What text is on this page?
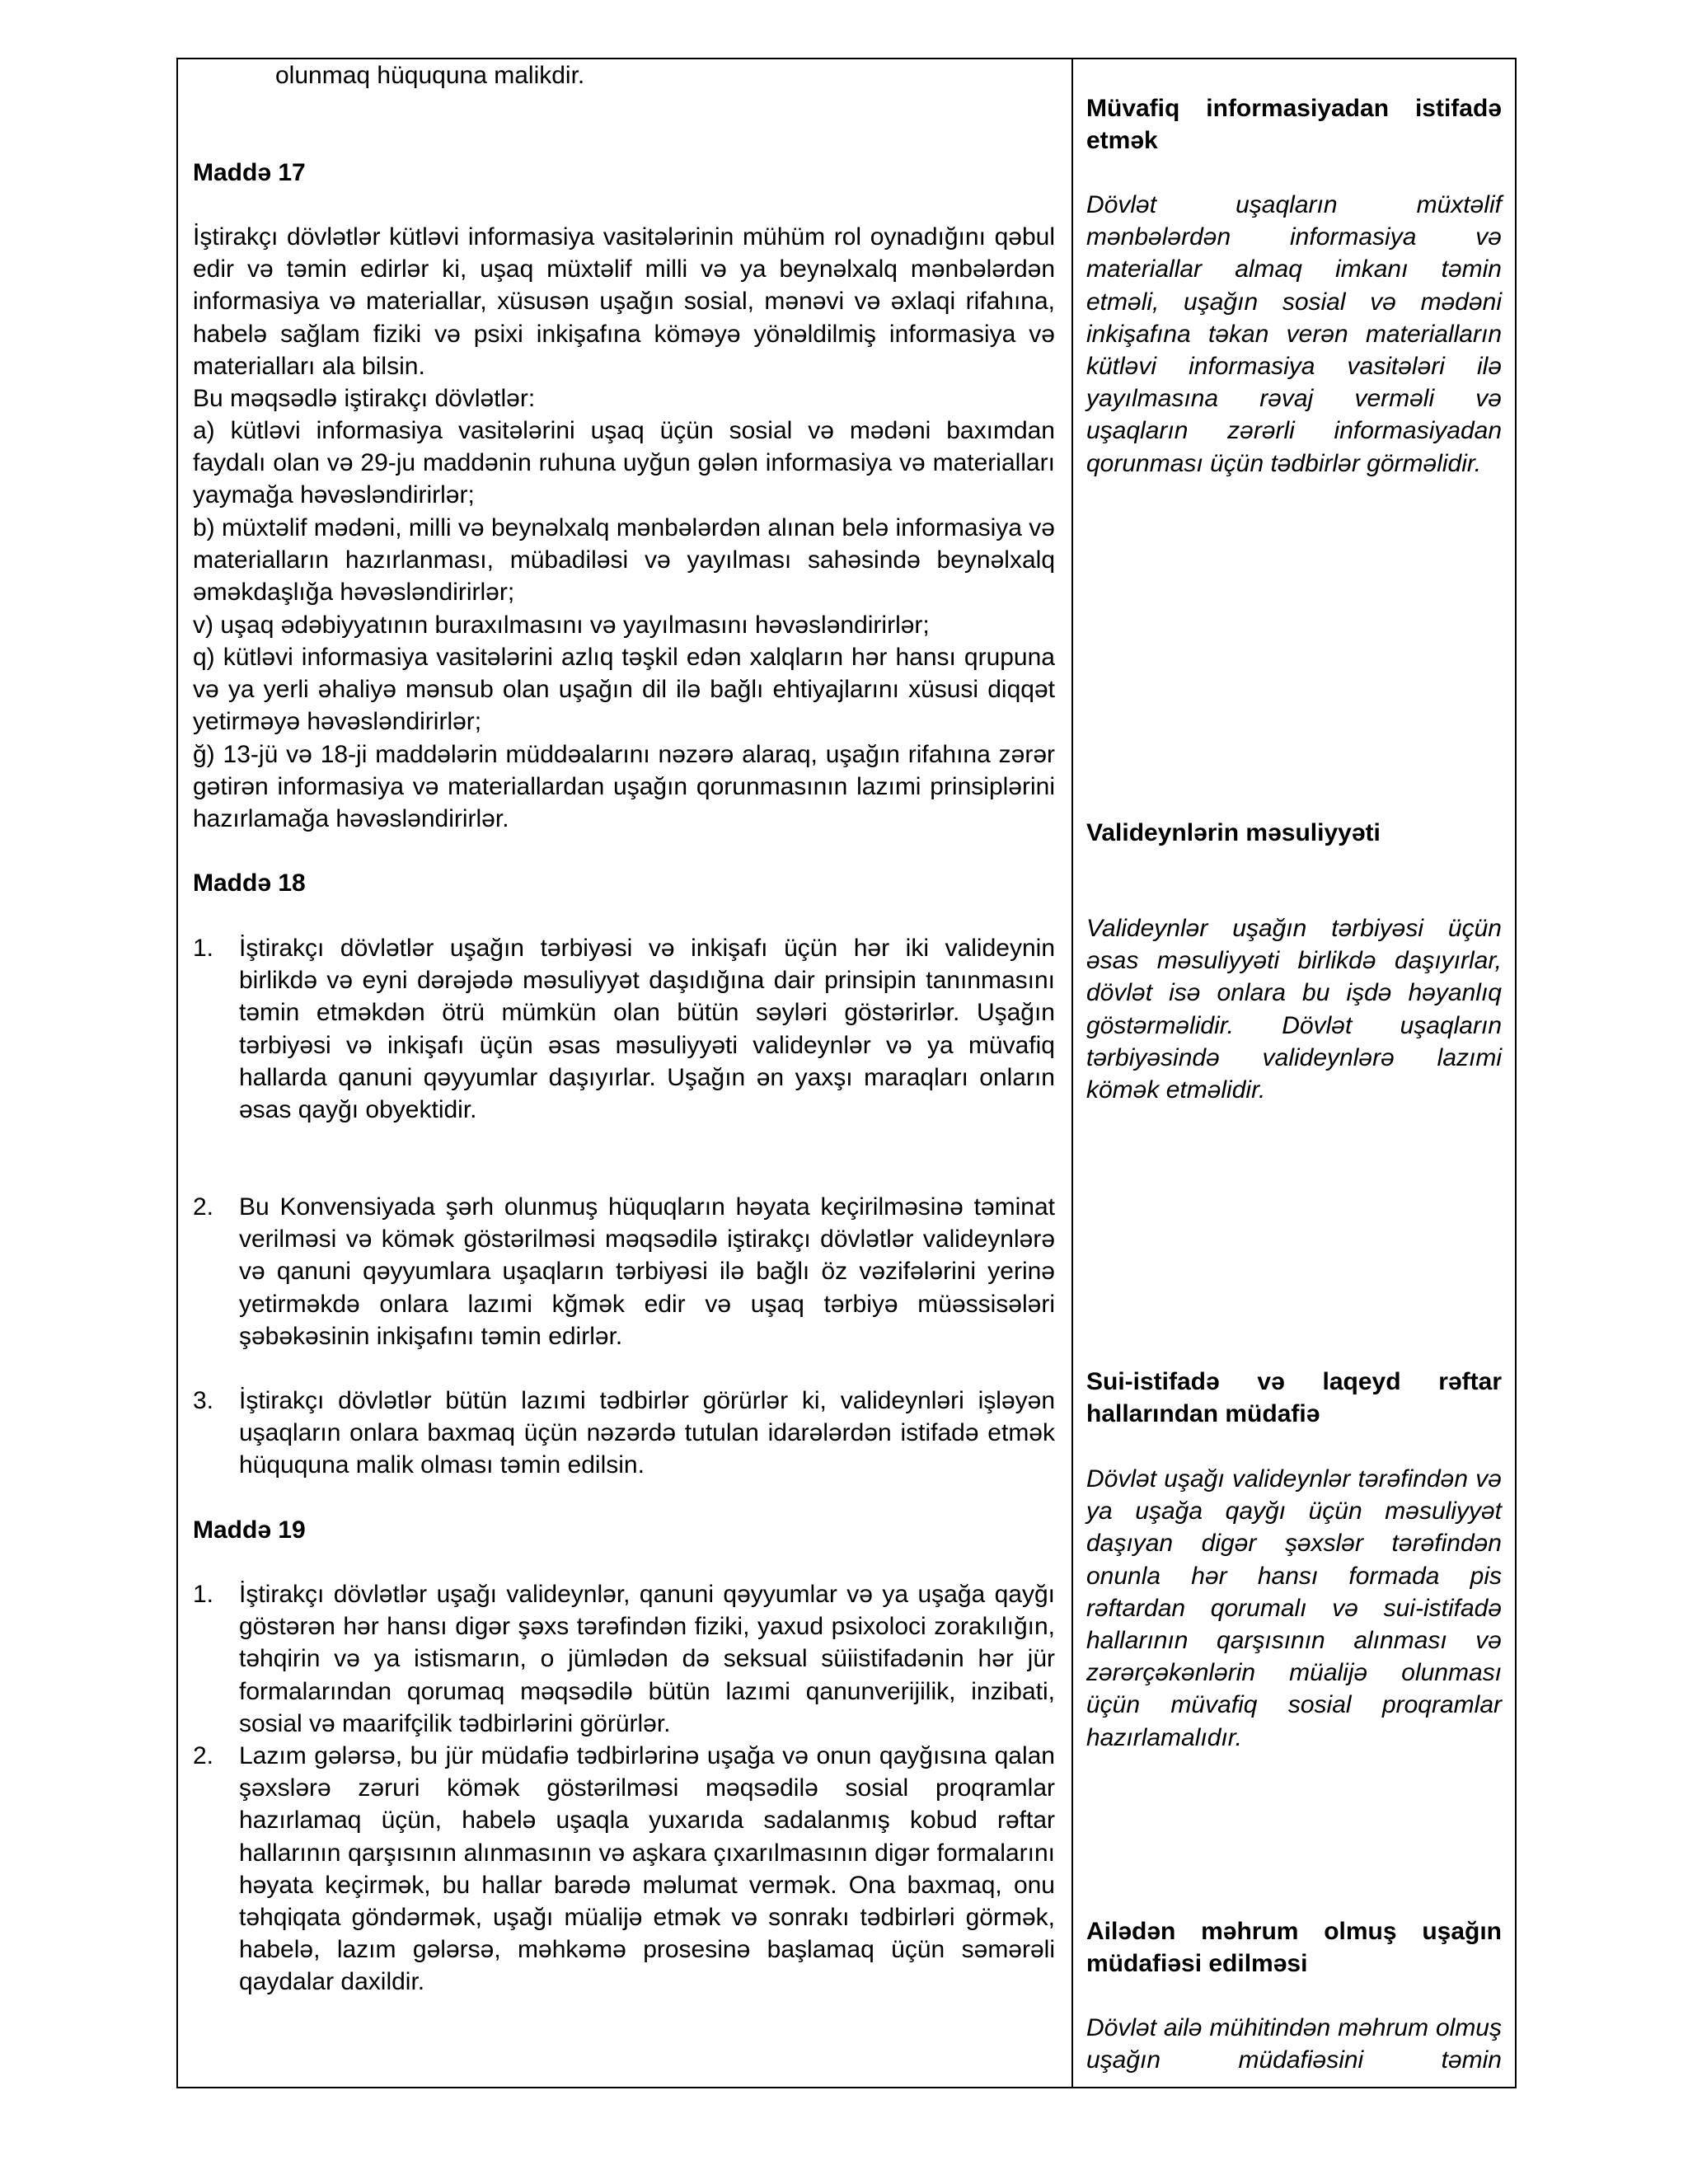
olunmaq hüququna malikdir.

Maddə 17

İştirakçı dövlətlər kütləvi informasiya vasitələrinin mühüm rol oynadığını qəbul edir və təmin edirlər ki, uşaq müxtəlif milli və ya beynəlxalq mənbələrdən informasiya və materiallar, xüsusən uşağın sosial, mənəvi və əxlaqi rifahına, habelə sağlam fiziki və psixi inkişafına köməyə yönəldilmiş informasiya və materialları ala bilsin.

Bu məqsədlə iştirakçı dövlətlər:

a) kütləvi informasiya vasitələrini uşaq üçün sosial və mədəni baxımdan faydalı olan və 29-ju maddənin ruhuna uyğun gələn informasiya və materialları yaymağa həvəsləndirirlər;

b) müxtəlif mədəni, milli və beynəlxalq mənbələrdən alınan belə informasiya və materialların hazırlanması, mübadiləsi və yayılması sahəsində beynəlxalq əməkdaşlığa həvəsləndirirlər;

v) uşaq ədəbiyyatının buraxılmasını və yayılmasını həvəsləndirirlər;

q) kütləvi informasiya vasitələrini azlıq təşkil edən xalqların hər hansı qrupuna və ya yerli əhaliyə mənsub olan uşağın dil ilə bağlı ehtiyajlarını xüsusi diqqət yetirməyə həvəsləndirirlər;

ğ) 13-jü və 18-ji maddələrin müddəalarını nəzərə alaraq, uşağın rifahına zərər gətirən informasiya və materiallardan uşağın qorunmasının lazımi prinsiplərini hazırlamağa həvəsləndirirlər.

Maddə 18

1.	İştirakçı dövlətlər uşağın tərbiyəsi və inkişafı üçün hər iki valideynin birlikdə və eyni dərəjədə məsuliyyət daşıdığına dair prinsipin tanınmasını təmin etməkdən ötrü mümkün olan bütün səyləri göstərirlər. Uşağın tərbiyəsi və inkişafı üçün əsas məsuliyyəti valideynlər və ya müvafiq hallarda qanuni qəyyumlar daşıyırlar. Uşağın ən yaxşı maraqları onların əsas qayğı obyektidir.

2.	Bu Konvensiyada şərh olunmuş hüquqların həyata keçirilməsinə təminat verilməsi və kömək göstərilməsi məqsədilə iştirakçı dövlətlər valideynlərə və qanuni qəyyumlara uşaqların tərbiyəsi ilə bağlı öz vəzifələrini yerinə yetirməkdə onlara lazımi kğmək edir və uşaq tərbiyə müəssisələri şəbəkəsinin inkişafını təmin edirlər.

3.	İştirakçı dövlətlər bütün lazımi tədbirlər görürlər ki, valideynləri işləyən uşaqların onlara baxmaq üçün nəzərdə tutulan idarələrdən istifadə etmək hüququna malik olması təmin edilsin.

Maddə 19

1.	İştirakçı dövlətlər uşağı valideynlər, qanuni qəyyumlar və ya uşağa qayğı göstərən hər hansı digər şəxs tərəfindən fiziki, yaxud psixoloci zorakılığın, təhqirin və ya istismarın, o jümlədən də seksual süiistifadənin hər jür formalarından qorumaq məqsədilə bütün lazımi qanunverijilik, inzibati, sosial və maarifçilik tədbirlərini görürlər.

2.	Lazım gələrsə, bu jür müdafiə tədbirlərinə uşağa və onun qayğısına qalan şəxslərə zəruri kömək göstərilməsi məqsədilə sosial proqramlar hazırlamaq üçün, habelə uşaqla yuxarıda sadalanmış kobud rəftar hallarının qarşısının alınmasının və aşkara çıxarılmasının digər formalarını həyata keçirmək, bu hallar barədə məlumat vermək. Ona baxmaq, onu təhqiqata göndərmək, uşağı müalijə etmək və sonrakı tədbirləri görmək, habelə, lazım gələrsə, məhkəmə prosesinə başlamaq üçün səmərəli qaydalar daxildir.

Müvafiq informasiyadan istifadə etmək

Dövlət uşaqların müxtəlif mənbələrdən informasiya və materiallar almaq imkanı təmin etməli, uşağın sosial və mədəni inkişafına təkan verən materialların kütləvi informasiya vasitələri ilə yayılmasına rəvaj verməli və uşaqların zərərli informasiyadan qorunması üçün tədbirlər görməlidir.

Valideynlərin məsuliyyəti

Valideynlər uşağın tərbiyəsi üçün əsas məsuliyyəti birlikdə daşıyırlar, dövlət isə onlara bu işdə həyanlıq göstərməlidir. Dövlət uşaqların tərbiyəsində valideynlərə lazımi kömək etməlidir.

Sui-istifadə və laqeyd rəftar hallarından müdafiə

Dövlət uşağı valideynlər tərəfindən və ya uşağa qayğı üçün məsuliyyət daşıyan digər şəxslər tərəfindən onunla hər hansı formada pis rəftardan qorumalı və sui-istifadə hallarının qarşısının alınması və zərərçəkənlərin müalijə olunması üçün müvafiq sosial proqramlar hazırlamalıdır.

Ailədən məhrum olmuş uşağın müdafiəsi edilməsi

Dövlət ailə mühitindən məhrum olmuş uşağın müdafiəsini təmin
